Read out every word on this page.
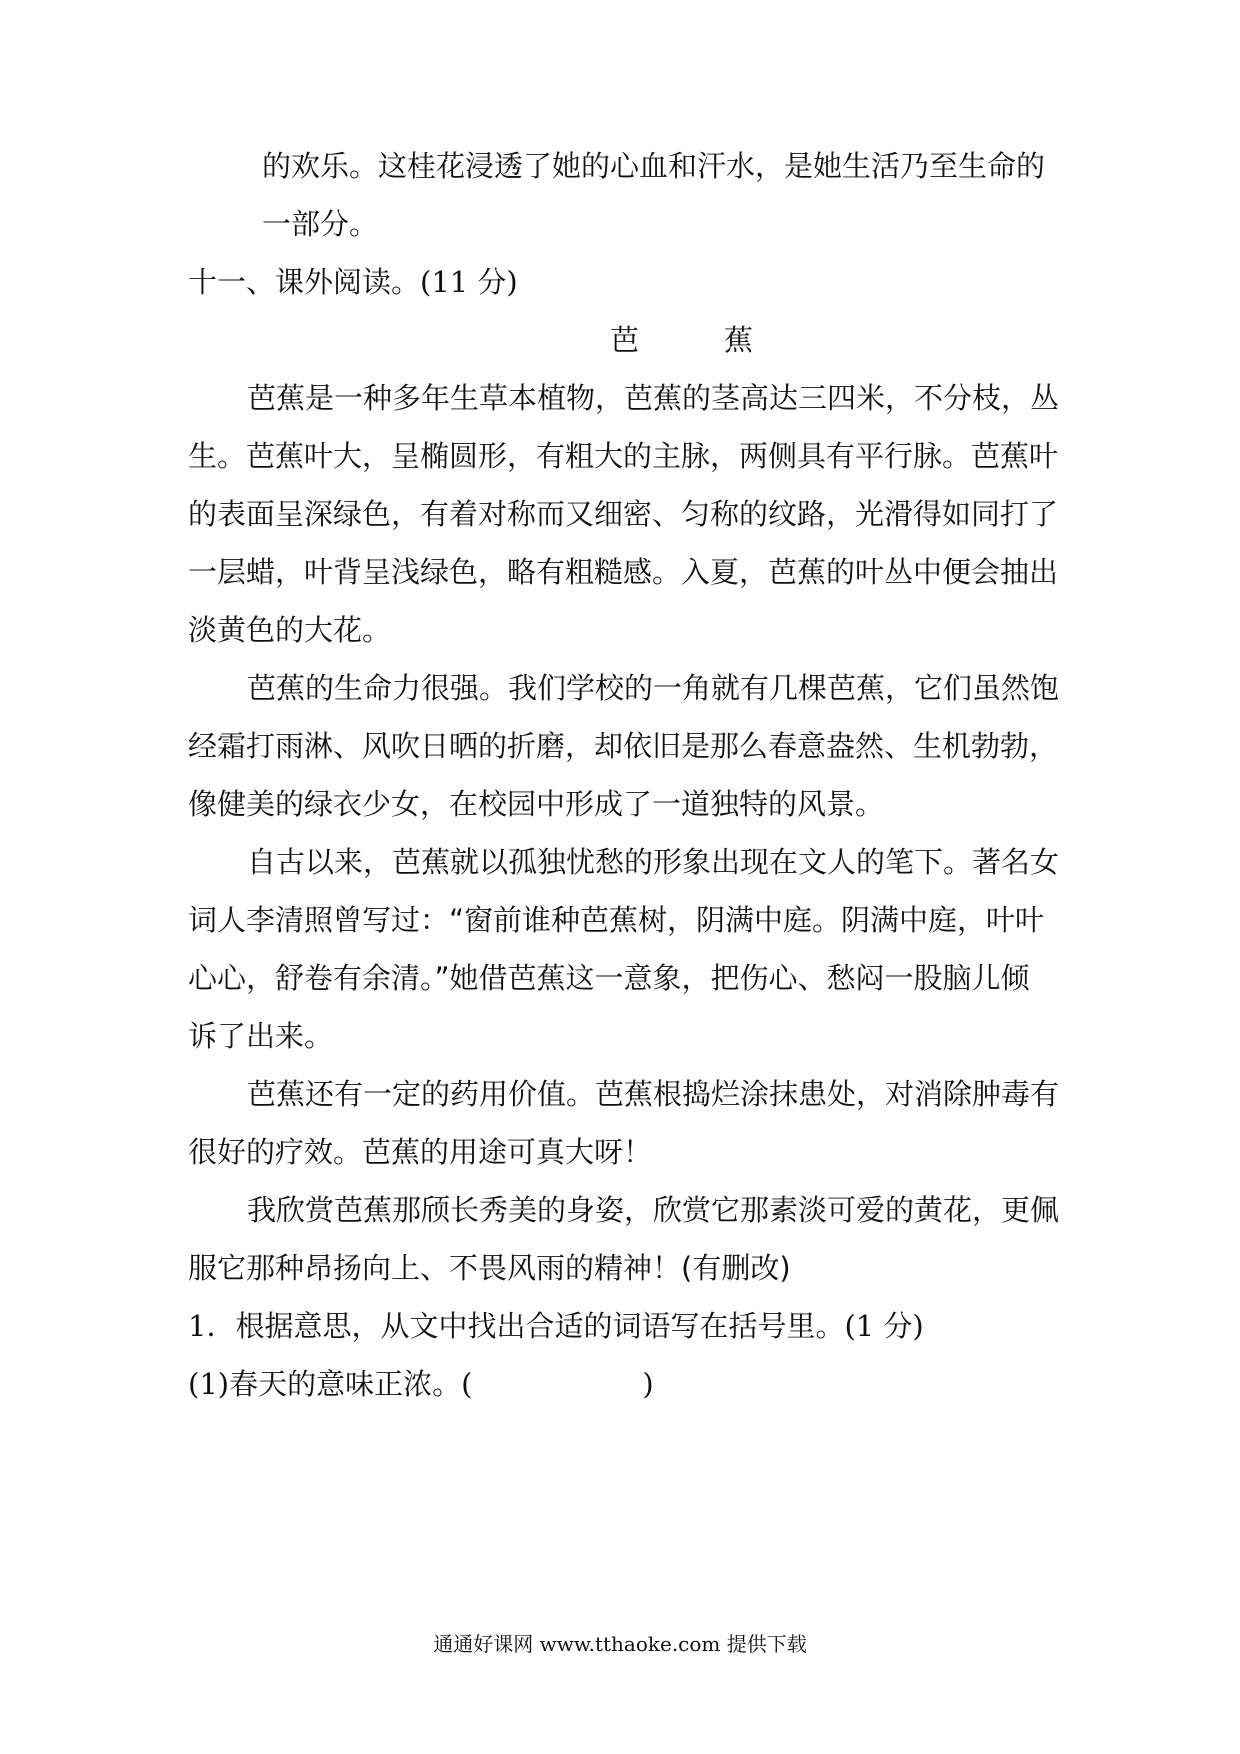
的欢乐。这桂花浸透了她的心血和汗水，是她生活乃至生命的
一部分。
十一、课外阅读。(11 分)
芭　蕉
芭蕉是一种多年生草本植物，芭蕉的茎高达三四米，不分枝，丛
生。芭蕉叶大，呈椭圆形，有粗大的主脉，两侧具有平行脉。芭蕉叶
的表面呈深绿色，有着对称而又细密、匀称的纹路，光滑得如同打了
一层蜡，叶背呈浅绿色，略有粗糙感。入夏，芭蕉的叶丛中便会抽出
淡黄色的大花。
芭蕉的生命力很强。我们学校的一角就有几棵芭蕉，它们虽然饱
经霜打雨淋、风吹日晒的折磨，却依旧是那么春意盎然、生机勃勃，
像健美的绿衣少女，在校园中形成了一道独特的风景。
自古以来，芭蕉就以孤独忧愁的形象出现在文人的笔下。著名女
词人李清照曾写过：“窗前谁种芭蕉树，阴满中庭。阴满中庭，叶叶
心心，舒卷有余清。”她借芭蕉这一意象，把伤心、愁闷一股脑儿倾
诉了出来。
芭蕉还有一定的药用价值。芭蕉根捣烂涂抹患处，对消除肿毒有
很好的疗效。芭蕉的用途可真大呀！
我欣赏芭蕉那颀长秀美的身姿，欣赏它那素淡可爱的黄花，更佩
服它那种昂扬向上、不畏风雨的精神！(有删改)
1．根据意思，从文中找出合适的词语写在括号里。(1 分)
(1)春天的意味正浓。(	)
通通好课网 www.tthaoke.com 提供下载
